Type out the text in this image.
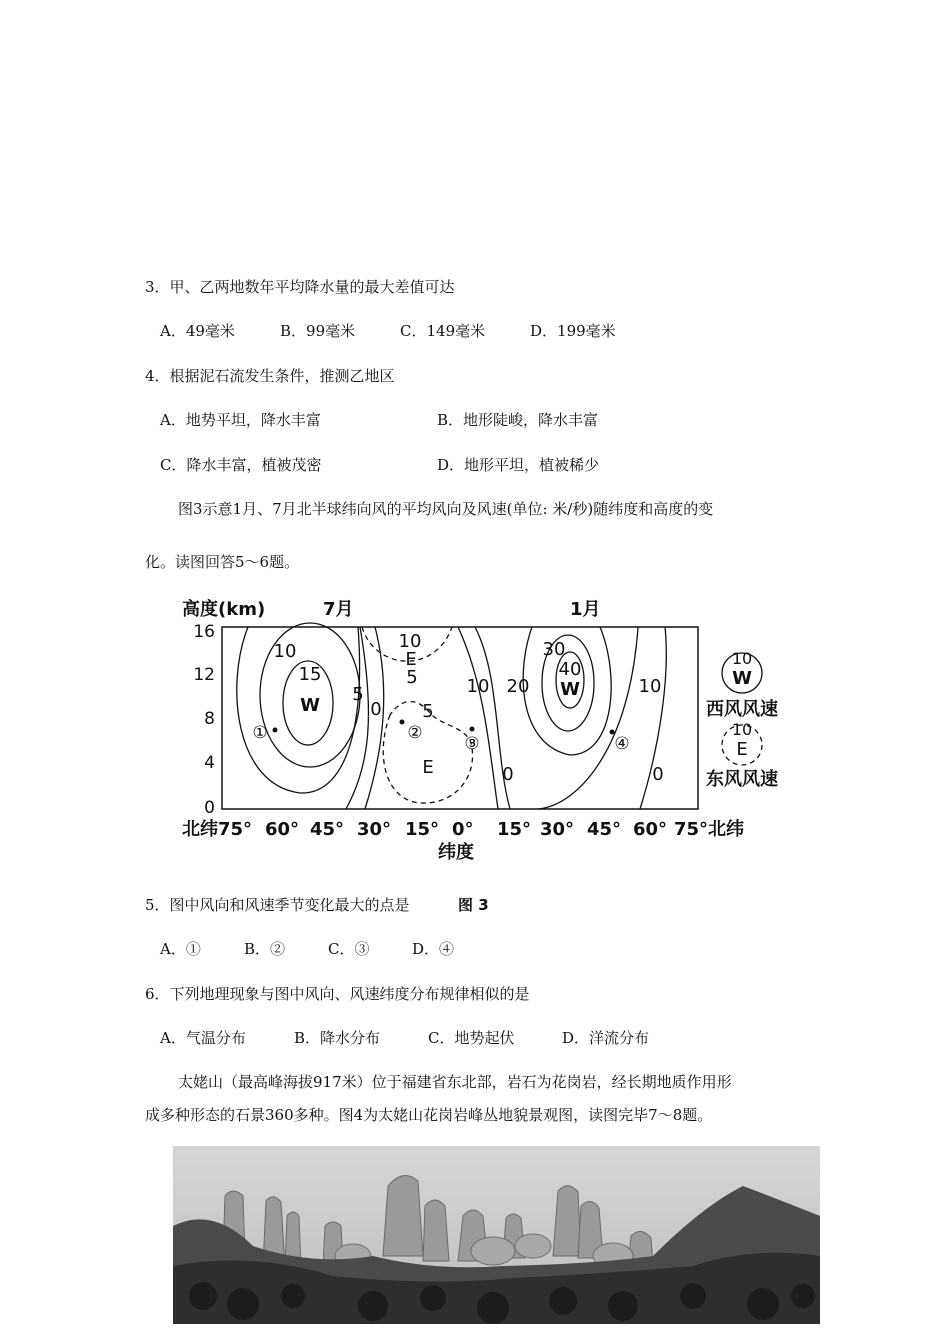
3．甲、乙两地数年平均降水量的最大差值可达
A．49毫米	B．99毫米	C．149毫米	D．199毫米
4．根据泥石流发生条件，推测乙地区
A．地势平坦，降水丰富	B．地形陡峻，降水丰富
C．降水丰富，植被茂密	D．地形平坦，植被稀少
图3示意1月、7月北半球纬向风的平均风向及风速(单位: 米/秒)随纬度和高度的变
化。读图回答5～6题。
高度(km)	7月	1月
16
12
8
4
0
10
15
W
5
0
10
E
5
5
E
10 20
30
40
W	10
0	0
①	②
③	④
10
W
西风风速
10
E
东风风速
北纬75° 60° 45° 30° 15° 0° 15° 30° 45° 60° 75°北纬
纬度
5．图中风向和风速季节变化最大的点是	图 3
A．①	B．②	C．③	D．④
6．下列地理现象与图中风向、风速纬度分布规律相似的是
A．气温分布	B．降水分布	C．地势起伏	D．洋流分布
太姥山（最高峰海拔917米）位于福建省东北部，岩石为花岗岩，经长期地质作用形
成多种形态的石景360多种。图4为太姥山花岗岩峰丛地貌景观图，读图完毕7～8题。
